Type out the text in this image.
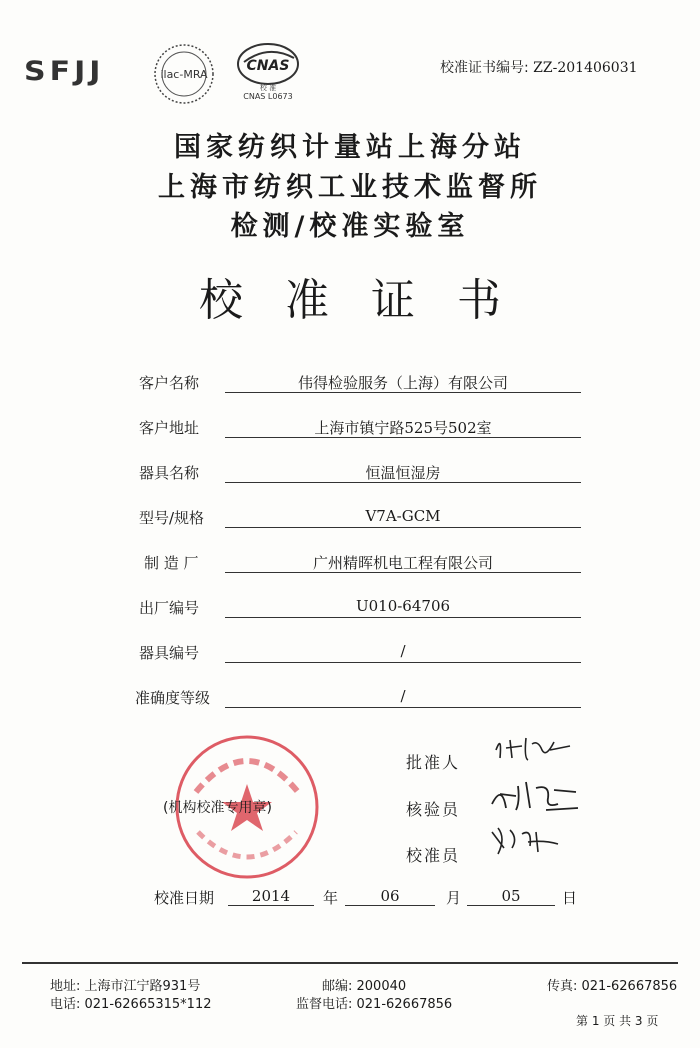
SFJJ	ilac-MRA
CNAS
校 准
CNAS L0673
校准证书编号: ZZ-201406031
国家纺织计量站上海分站
上海市纺织工业技术监督所
检测/校准实验室
校准证书
客户名称	伟得检验服务（上海）有限公司
客户地址	上海市镇宁路525号502室
器具名称	恒温恒湿房
型号/规格	V7A-GCM
制 造 厂	广州精晖机电工程有限公司
出厂编号	U010-64706
器具编号	/
准确度等级	/
(机构校准专用章)
批准人
核验员
校准员
校准日期	2014	年	06	月	05	日
地址: 上海市江宁路931号
电话: 021-62665315*112
邮编: 200040
监督电话: 021-62667856
传真: 021-62667856
第 1 页 共 3 页
